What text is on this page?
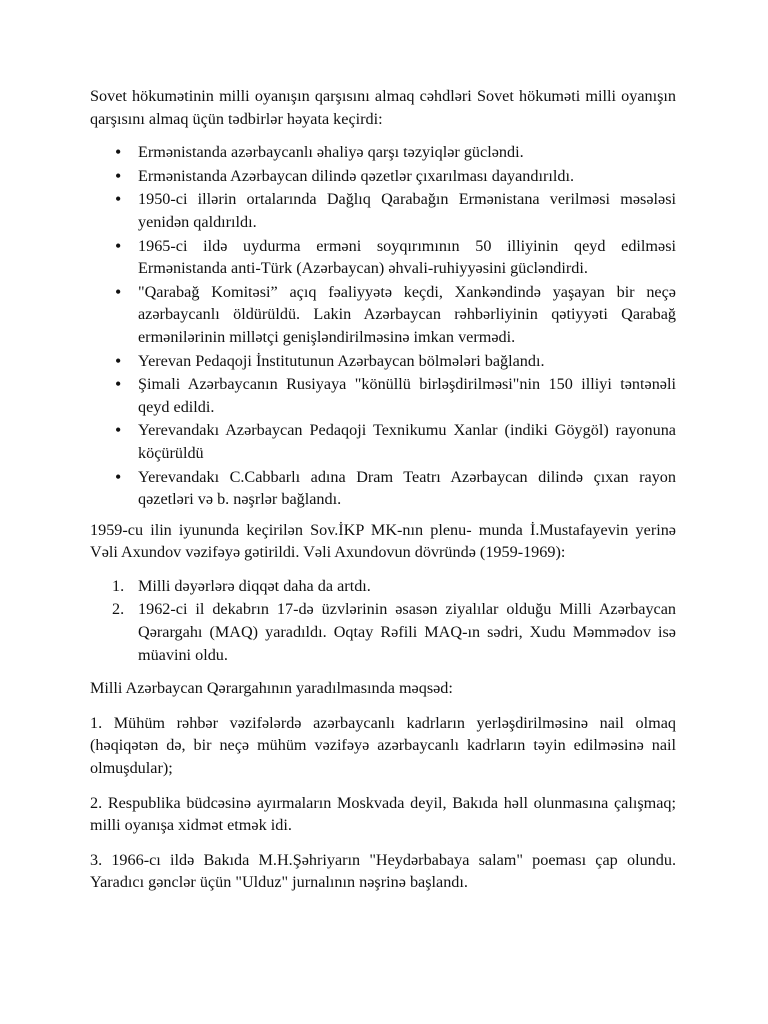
Sovet hökumətinin milli oyanışın qarşısını almaq cəhdləri Sovet hökuməti milli oyanışın qarşısını almaq üçün tədbirlər həyata keçirdi:

• Ermənistanda azərbaycanlı əhaliyə qarşı təzyiqlər gücləndi.
• Ermənistanda Azərbaycan dilində qəzetlər çıxarılması dayandırıldı.
• 1950-ci illərin ortalarında Dağlıq Qarabağın Ermənistana verilməsi məsələsi yenidən qaldırıldı.
• 1965-ci ildə uydurma erməni soyqırımının 50 illiyinin qeyd edilməsi Ermənistanda anti-Türk (Azərbaycan) əhvali-ruhiyyəsini gücləndirdi.
• "Qarabağ Komitəsi” açıq fəaliyyətə keçdi, Xankəndində yaşayan bir neçə azərbaycanlı öldürüldü. Lakin Azərbaycan rəhbərliyinin qətiyyəti Qarabağ ermənilərinin millətçi genişləndirilməsinə imkan vermədi.
• Yerevan Pedaqoji İnstitutunun Azərbaycan bölmələri bağlandı.
• Şimali Azərbaycanın Rusiyaya "könüllü birləşdirilməsi"nin 150 illiyi təntənəli qeyd edildi.
• Yerevandakı Azərbaycan Pedaqoji Texnikumu Xanlar (indiki Göygöl) rayonuna köçürüldü
• Yerevandakı C.Cabbarlı adına Dram Teatrı Azərbaycan dilində çıxan rayon qəzetləri və b. nəşrlər bağlandı.

1959-cu ilin iyununda keçirilən Sov.İKP MK-nın plenu- munda İ.Mustafayevin yerinə Vəli Axundov vəzifəyə gətirildi. Vəli Axundovun dövründə (1959-1969):

1. Milli dəyərlərə diqqət daha da artdı.
2. 1962-ci il dekabrın 17-də üzvlərinin əsasən ziyalılar olduğu Milli Azərbaycan Qərargahı (MAQ) yaradıldı. Oqtay Rəfili MAQ-ın sədri, Xudu Məmmədov isə müavini oldu.

Milli Azərbaycan Qərargahının yaradılmasında məqsəd:

1. Mühüm rəhbər vəzifələrdə azərbaycanlı kadrların yerləşdirilməsinə nail olmaq (həqiqətən də, bir neçə mühüm vəzifəyə azərbaycanlı kadrların təyin edilməsinə nail olmuşdular);

2. Respublika büdcəsinə ayırmaların Moskvada deyil, Bakıda həll olunmasına çalışmaq; milli oyanışa xidmət etmək idi.

3. 1966-cı ildə Bakıda M.H.Şəhriyarın "Heydərbabaya salam" poeması çap olundu. Yaradıcı gənclər üçün "Ulduz" jurnalının nəşrinə başlandı.
